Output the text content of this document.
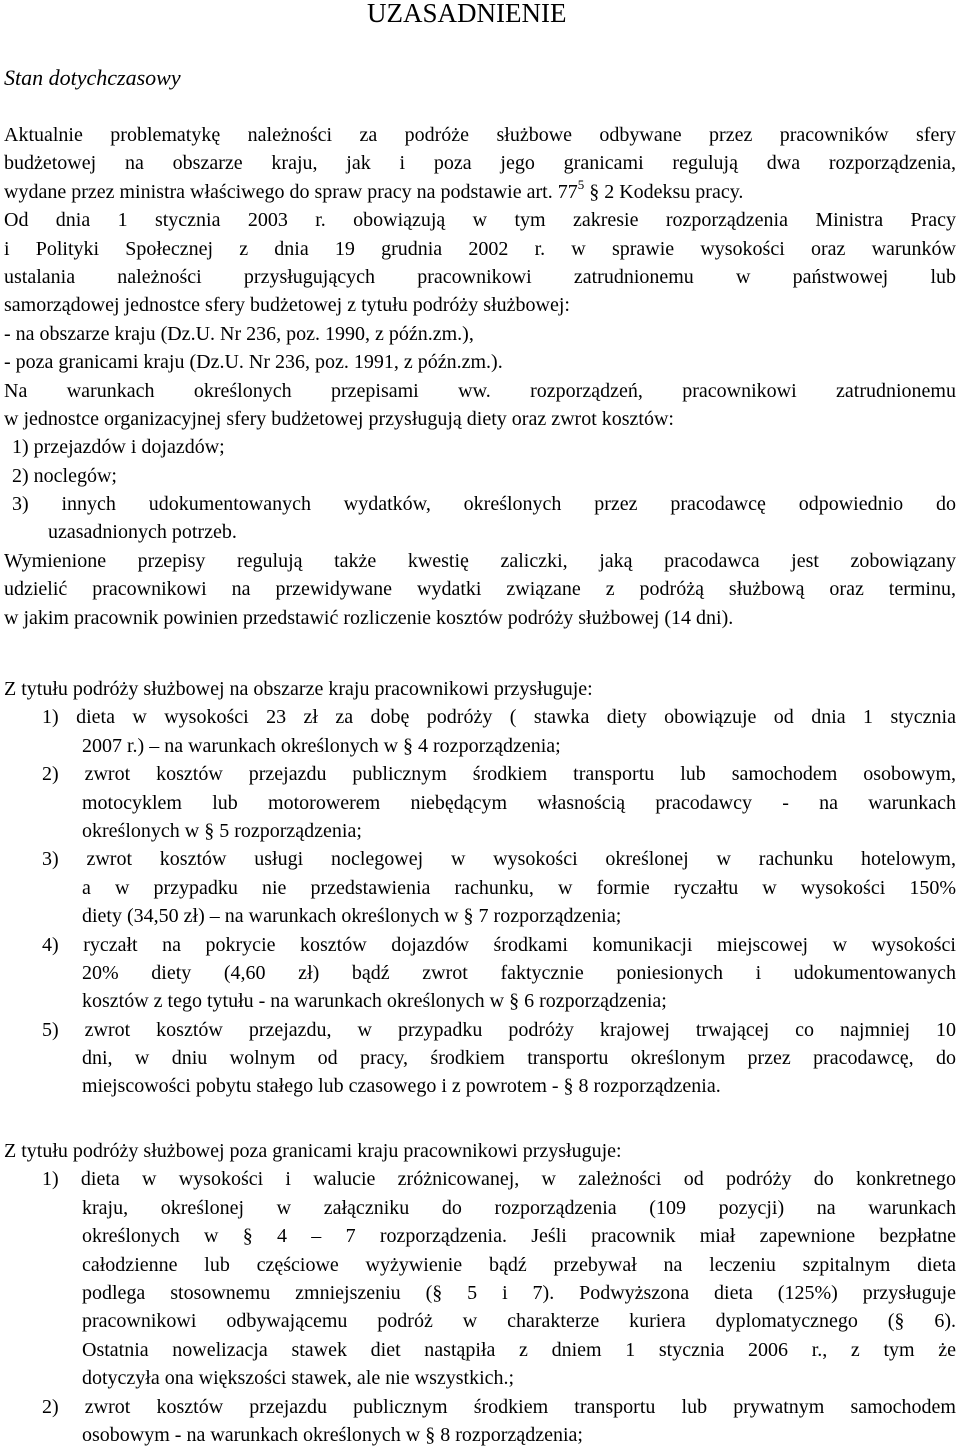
UZASADNIENIE
Stan dotychczasowy
Aktualnie problematykę należności za podróże służbowe odbywane przez pracowników sfery
budżetowej na obszarze kraju, jak i poza jego granicami regulują dwa rozporządzenia,
wydane przez ministra właściwego do spraw pracy na podstawie art. $77^5$ § 2 Kodeksu pracy.
Od dnia 1 stycznia 2003 r. obowiązują w tym zakresie rozporządzenia Ministra Pracy
i Polityki Społecznej z dnia 19 grudnia 2002 r. w sprawie wysokości oraz warunków
ustalania należności przysługujących pracownikowi zatrudnionemu w państwowej lub
samorządowej jednostce sfery budżetowej z tytułu podróży służbowej:
- na obszarze kraju (Dz.U. Nr 236, poz. 1990, z późn.zm.),
- poza granicami kraju (Dz.U. Nr 236, poz. 1991, z późn.zm.).
Na warunkach określonych przepisami ww. rozporządzeń, pracownikowi zatrudnionemu
w jednostce organizacyjnej sfery budżetowej przysługują diety oraz zwrot kosztów:
1) przejazdów i dojazdów;
2) noclegów;
3) innych udokumentowanych wydatków, określonych przez pracodawcę odpowiednio do
uzasadnionych potrzeb.
Wymienione przepisy regulują także kwestię zaliczki, jaką pracodawca jest zobowiązany
udzielić pracownikowi na przewidywane wydatki związane z podróżą służbową oraz terminu,
w jakim pracownik powinien przedstawić rozliczenie kosztów podróży służbowej (14 dni).
Z tytułu podróży służbowej na obszarze kraju pracownikowi przysługuje:
1) dieta w wysokości 23 zł za dobę podróży ( stawka diety obowiązuje od dnia 1 stycznia
2007 r.) – na warunkach określonych w § 4 rozporządzenia;
2) zwrot kosztów przejazdu publicznym środkiem transportu lub samochodem osobowym,
motocyklem lub motorowerem niebędącym własnością pracodawcy - na warunkach
określonych w § 5 rozporządzenia;
3) zwrot kosztów usługi noclegowej w wysokości określonej w rachunku hotelowym,
a w przypadku nie przedstawienia rachunku, w formie ryczałtu w wysokości 150%
diety (34,50 zł) – na warunkach określonych w § 7 rozporządzenia;
4) ryczałt na pokrycie kosztów dojazdów środkami komunikacji miejscowej w wysokości
20% diety (4,60 zł) bądź zwrot faktycznie poniesionych i udokumentowanych
kosztów z tego tytułu - na warunkach określonych w § 6 rozporządzenia;
5) zwrot kosztów przejazdu, w przypadku podróży krajowej trwającej co najmniej 10
dni, w dniu wolnym od pracy, środkiem transportu określonym przez pracodawcę, do
miejscowości pobytu stałego lub czasowego i z powrotem - § 8 rozporządzenia.
Z tytułu podróży służbowej poza granicami kraju pracownikowi przysługuje:
1) dieta w wysokości i walucie zróżnicowanej, w zależności od podróży do konkretnego
kraju, określonej w załączniku do rozporządzenia (109 pozycji) na warunkach
określonych w § 4 – 7 rozporządzenia. Jeśli pracownik miał zapewnione bezpłatne
całodzienne lub częściowe wyżywienie bądź przebywał na leczeniu szpitalnym dieta
podlega stosownemu zmniejszeniu (§ 5 i 7). Podwyższona dieta (125%) przysługuje
pracownikowi odbywającemu podróż w charakterze kuriera dyplomatycznego (§ 6).
Ostatnia nowelizacja stawek diet nastąpiła z dniem 1 stycznia 2006 r., z tym że
dotyczyła ona większości stawek, ale nie wszystkich.;
2) zwrot kosztów przejazdu publicznym środkiem transportu lub prywatnym samochodem
osobowym - na warunkach określonych w § 8 rozporządzenia;
